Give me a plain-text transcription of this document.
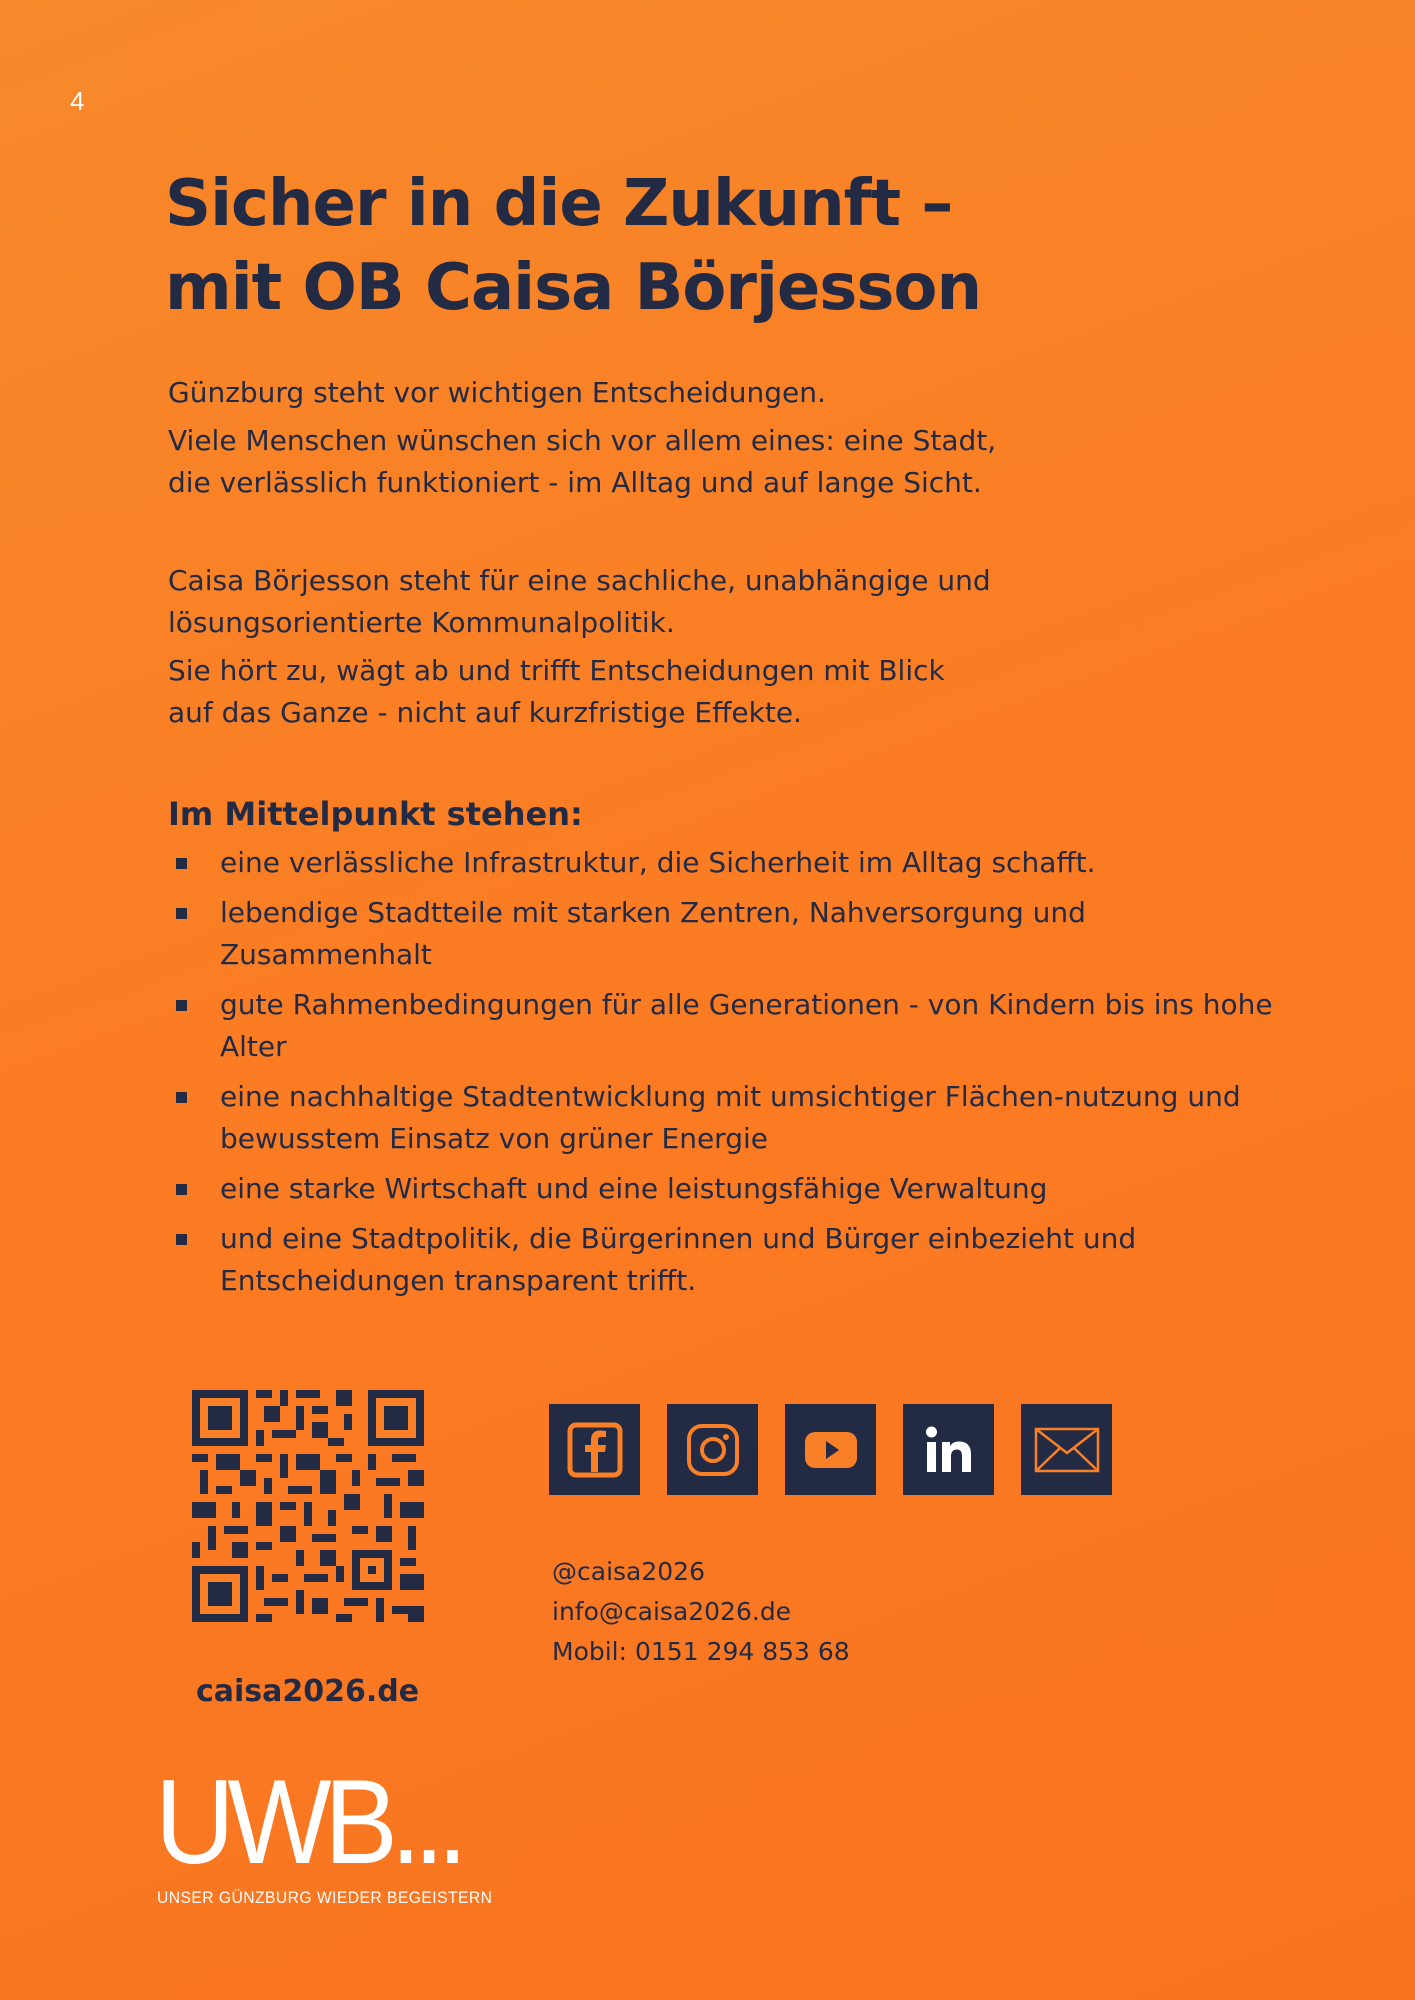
4
Sicher in die Zukunft –
mit OB Caisa Börjesson

Günzburg steht vor wichtigen Entscheidungen.
Viele Menschen wünschen sich vor allem eines: eine Stadt,
die verlässlich funktioniert - im Alltag und auf lange Sicht.

Caisa Börjesson steht für eine sachliche, unabhängige und
lösungsorientierte Kommunalpolitik.
Sie hört zu, wägt ab und trifft Entscheidungen mit Blick
auf das Ganze - nicht auf kurzfristige Effekte.

Im Mittelpunkt stehen:
eine verlässliche Infrastruktur, die Sicherheit im Alltag schafft.
lebendige Stadtteile mit starken Zentren, Nahversorgung und Zusammenhalt
gute Rahmenbedingungen für alle Generationen - von Kindern bis ins hohe Alter
eine nachhaltige Stadtentwicklung mit umsichtiger Flächen-nutzung und bewusstem Einsatz von grüner Energie
eine starke Wirtschaft und eine leistungsfähige Verwaltung
und eine Stadtpolitik, die Bürgerinnen und Bürger einbezieht und Entscheidungen transparent trifft.
caisa2026.de

@caisa2026
info@caisa2026.de
Mobil: 0151 294 853 68

UWB...
UNSER GÜNZBURG WIEDER BEGEISTERN
